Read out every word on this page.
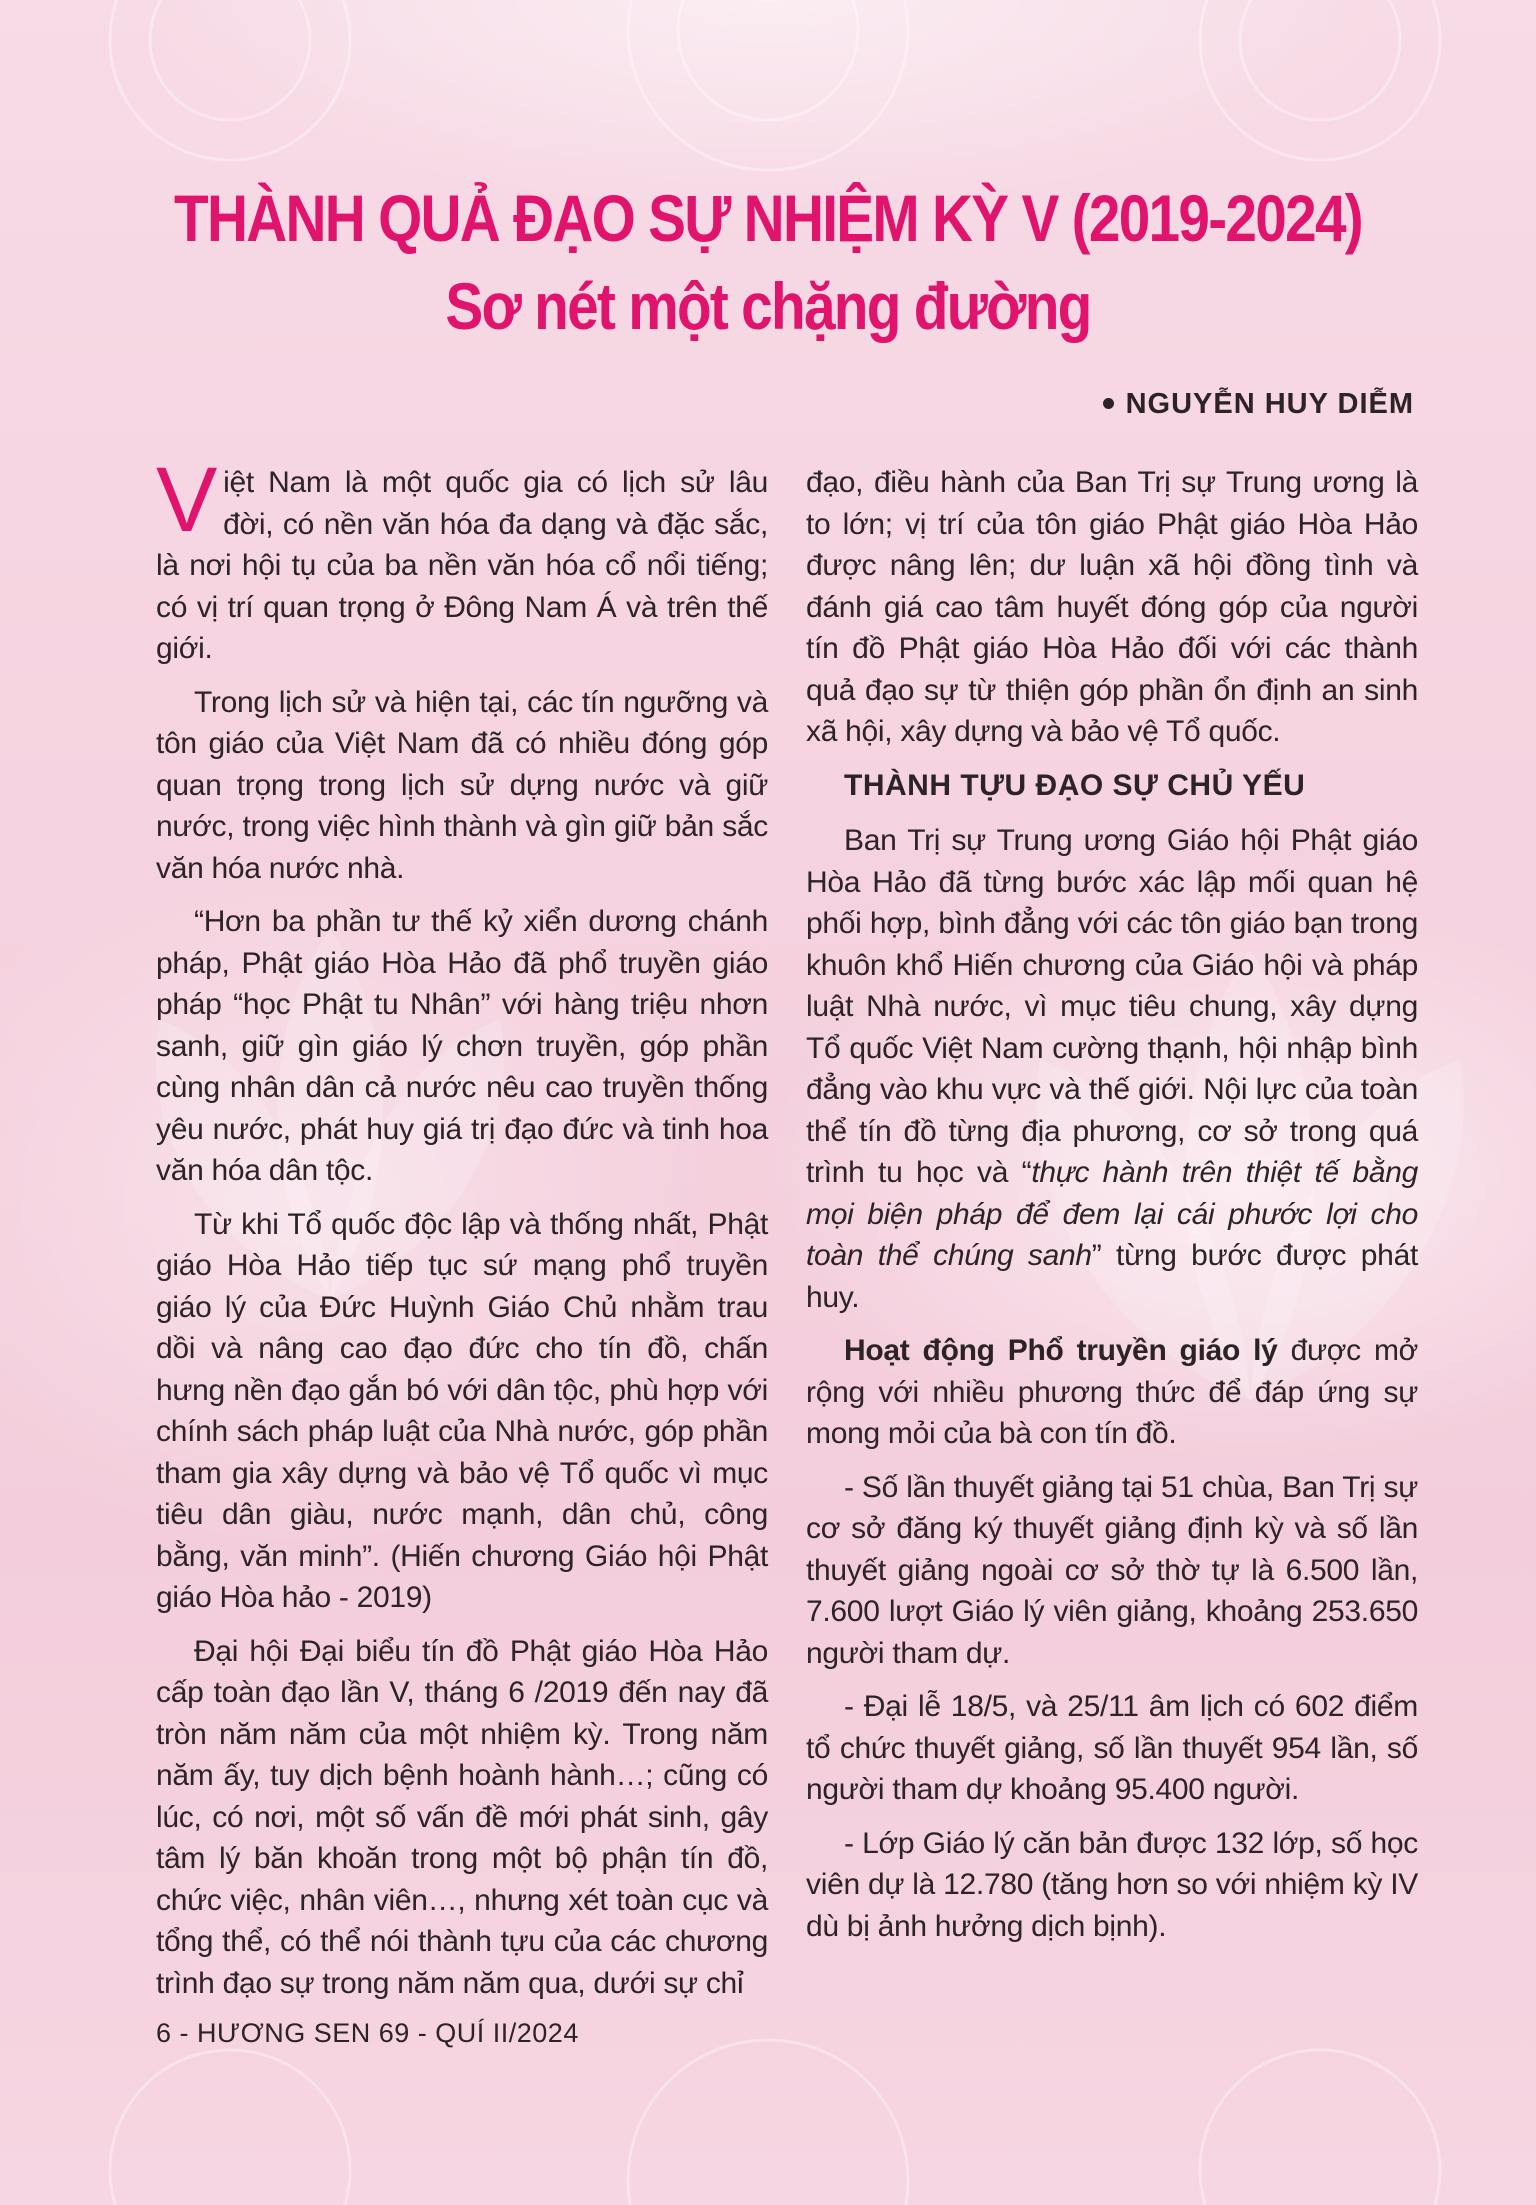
THÀNH QUẢ ĐẠO SỰ NHIỆM KỲ V (2019-2024)
Sơ nét một chặng đường
NGUYỄN HUY DIỄM

Việt Nam là một quốc gia có lịch sử lâu đời, có nền văn hóa đa dạng và đặc sắc, là nơi hội tụ của ba nền văn hóa cổ nổi tiếng; có vị trí quan trọng ở Đông Nam Á và trên thế giới.

Trong lịch sử và hiện tại, các tín ngưỡng và tôn giáo của Việt Nam đã có nhiều đóng góp quan trọng trong lịch sử dựng nước và giữ nước, trong việc hình thành và gìn giữ bản sắc văn hóa nước nhà.

“Hơn ba phần tư thế kỷ xiển dương chánh pháp, Phật giáo Hòa Hảo đã phổ truyền giáo pháp “học Phật tu Nhân” với hàng triệu nhơn sanh, giữ gìn giáo lý chơn truyền, góp phần cùng nhân dân cả nước nêu cao truyền thống yêu nước, phát huy giá trị đạo đức và tinh hoa văn hóa dân tộc.

Từ khi Tổ quốc độc lập và thống nhất, Phật giáo Hòa Hảo tiếp tục sứ mạng phổ truyền giáo lý của Đức Huỳnh Giáo Chủ nhằm trau dồi và nâng cao đạo đức cho tín đồ, chấn hưng nền đạo gắn bó với dân tộc, phù hợp với chính sách pháp luật của Nhà nước, góp phần tham gia xây dựng và bảo vệ Tổ quốc vì mục tiêu dân giàu, nước mạnh, dân chủ, công bằng, văn minh”. (Hiến chương Giáo hội Phật giáo Hòa hảo - 2019)

Đại hội Đại biểu tín đồ Phật giáo Hòa Hảo cấp toàn đạo lần V, tháng 6 /2019 đến nay đã tròn năm năm của một nhiệm kỳ. Trong năm năm ấy, tuy dịch bệnh hoành hành…; cũng có lúc, có nơi, một số vấn đề mới phát sinh, gây tâm lý băn khoăn trong một bộ phận tín đồ, chức việc, nhân viên…, nhưng xét toàn cục và tổng thể, có thể nói thành tựu của các chương trình đạo sự trong năm năm qua, dưới sự chỉ

đạo, điều hành của Ban Trị sự Trung ương là to lớn; vị trí của tôn giáo Phật giáo Hòa Hảo được nâng lên; dư luận xã hội đồng tình và đánh giá cao tâm huyết đóng góp của người tín đồ Phật giáo Hòa Hảo đối với các thành quả đạo sự từ thiện góp phần ổn định an sinh xã hội, xây dựng và bảo vệ Tổ quốc.

THÀNH TỰU ĐẠO SỰ CHỦ YẾU

Ban Trị sự Trung ương Giáo hội Phật giáo Hòa Hảo đã từng bước xác lập mối quan hệ phối hợp, bình đẳng với các tôn giáo bạn trong khuôn khổ Hiến chương của Giáo hội và pháp luật Nhà nước, vì mục tiêu chung, xây dựng Tổ quốc Việt Nam cường thạnh, hội nhập bình đẳng vào khu vực và thế giới. Nội lực của toàn thể tín đồ từng địa phương, cơ sở trong quá trình tu học và “thực hành trên thiệt tế bằng mọi biện pháp để đem lại cái phước lợi cho toàn thể chúng sanh” từng bước được phát huy.

Hoạt động Phổ truyền giáo lý được mở rộng với nhiều phương thức để đáp ứng sự mong mỏi của bà con tín đồ.

- Số lần thuyết giảng tại 51 chùa, Ban Trị sự cơ sở đăng ký thuyết giảng định kỳ và số lần thuyết giảng ngoài cơ sở thờ tự là 6.500 lần, 7.600 lượt Giáo lý viên giảng, khoảng 253.650 người tham dự.

- Đại lễ 18/5, và 25/11 âm lịch có 602 điểm tổ chức thuyết giảng, số lần thuyết 954 lần, số người tham dự khoảng 95.400 người.

- Lớp Giáo lý căn bản được 132 lớp, số học viên dự là 12.780 (tăng hơn so với nhiệm kỳ IV dù bị ảnh hưởng dịch bịnh).

6 - HƯƠNG SEN 69 - QUÍ II/2024
